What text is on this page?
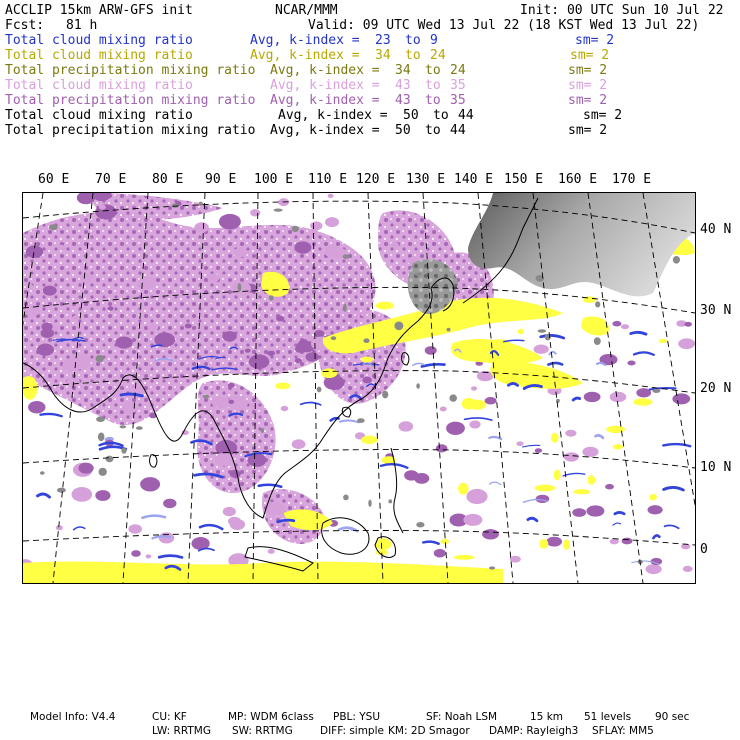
ACCLIP 15km ARW-GFS init	NCAR/MMM	Init: 00 UTC Sun 10 Jul 22
Fcst: 81 h	Valid: 09 UTC Wed 13 Jul 22 (18 KST Wed 13 Jul 22)
Total cloud mixing ratio	Avg, k-index = 23 to 9	sm= 2
Total cloud mixing ratio	Avg, k-index = 34 to 24	sm= 2
Total precipitation mixing ratio Avg, k-index = 34 to 24	sm= 2
Total cloud mixing ratio	Avg, k-index = 43 to 35	sm= 2
Total precipitation mixing ratio Avg, k-index = 43 to 35	sm= 2
Total cloud mixing ratio	Avg, k-index = 50 to 44	sm= 2
Total precipitation mixing ratio Avg, k-index = 50 to 44	sm= 2
60 E 70 E 80 E 90 E 100 E 110 E 120 E 130 E 140 E 150 E 160 E 170 E
40 N
30 N
20 N
10 N
0
Model Info: V4.4	CU: KF	MP: WDM 6class PBL: YSU	SF: Noah LSM	15 km 51 levels 90 sec
LW: RRTMG SW: RRTMG	DIFF: simple KM: 2D Smagor DAMP: Rayleigh3 SFLAY: MM5
